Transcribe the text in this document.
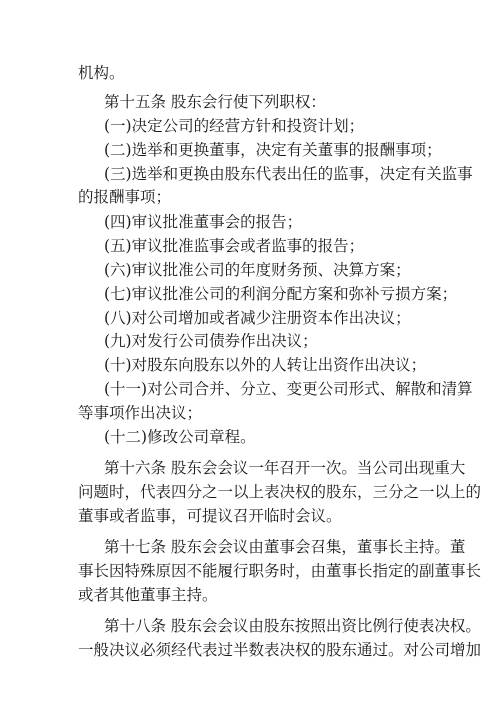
机构。
第十五条 股东会行使下列职权：
(一)决定公司的经营方针和投资计划；
(二)选举和更换董事，决定有关董事的报酬事项；
(三)选举和更换由股东代表出任的监事，决定有关监事
的报酬事项；
(四)审议批准董事会的报告；
(五)审议批准监事会或者监事的报告；
(六)审议批准公司的年度财务预、决算方案；
(七)审议批准公司的利润分配方案和弥补亏损方案；
(八)对公司增加或者减少注册资本作出决议；
(九)对发行公司债券作出决议；
(十)对股东向股东以外的人转让出资作出决议；
(十一)对公司合并、分立、变更公司形式、解散和清算
等事项作出决议；
(十二)修改公司章程。
第十六条 股东会会议一年召开一次。当公司出现重大
问题时，代表四分之一以上表决权的股东，三分之一以上的
董事或者监事，可提议召开临时会议。
第十七条 股东会会议由董事会召集，董事长主持。董
事长因特殊原因不能履行职务时，由董事长指定的副董事长
或者其他董事主持。
第十八条 股东会会议由股东按照出资比例行使表决权。
一般决议必须经代表过半数表决权的股东通过。对公司增加
